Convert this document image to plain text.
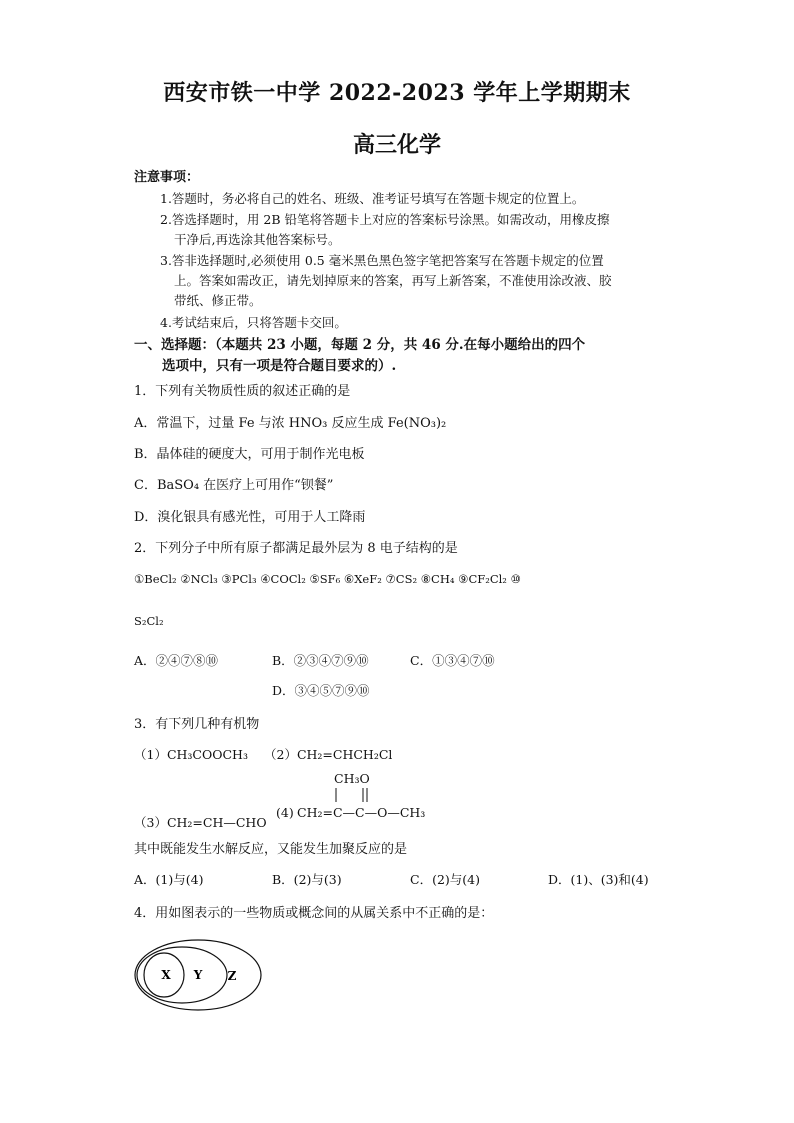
西安市铁一中学 2022-2023 学年上学期期末
高三化学
注意事项：
1.答题时，务必将自己的姓名、班级、准考证号填写在答题卡规定的位置上。
2.答选择题时，用 2B 铅笔将答题卡上对应的答案标号涂黑。如需改动，用橡皮擦
干净后,再选涂其他答案标号。
3.答非选择题时,必须使用 0.5 毫米黑色黑色签字笔把答案写在答题卡规定的位置
上。答案如需改正，请先划掉原来的答案，再写上新答案，不准使用涂改液、胶
带纸、修正带。
4.考试结束后，只将答题卡交回。
一、选择题：（本题共 23 小题，每题 2 分，共 46 分.在每小题给出的四个
选项中，只有一项是符合题目要求的）.
1．下列有关物质性质的叙述正确的是
A．常温下，过量 Fe 与浓 HNO₃ 反应生成 Fe(NO₃)₂
B．晶体硅的硬度大，可用于制作光电板
C．BaSO₄ 在医疗上可用作“钡餐”
D．溴化银具有感光性，可用于人工降雨
2．下列分子中所有原子都满足最外层为 8 电子结构的是
①BeCl₂ ②NCl₃ ③PCl₃ ④COCl₂ ⑤SF₆ ⑥XeF₂ ⑦CS₂ ⑧CH₄ ⑨CF₂Cl₂ ⑩
S₂Cl₂
A．②④⑦⑧⑩	B．②③④⑦⑨⑩	C．①③④⑦⑩
D．③④⑤⑦⑨⑩
3．有下列几种有机物
（1）CH₃COOCH₃ （2）CH₂=CHCH₂Cl
CH₃O
(4) CH₂=C—C—O—CH₃
（3）CH₂=CH—CHO
其中既能发生水解反应，又能发生加聚反应的是
A．(1)与(4)	B．(2)与(3)	C．(2)与(4)	D．(1)、(3)和(4)
4．用如图表示的一些物质或概念间的从属关系中不正确的是：
X Y Z
